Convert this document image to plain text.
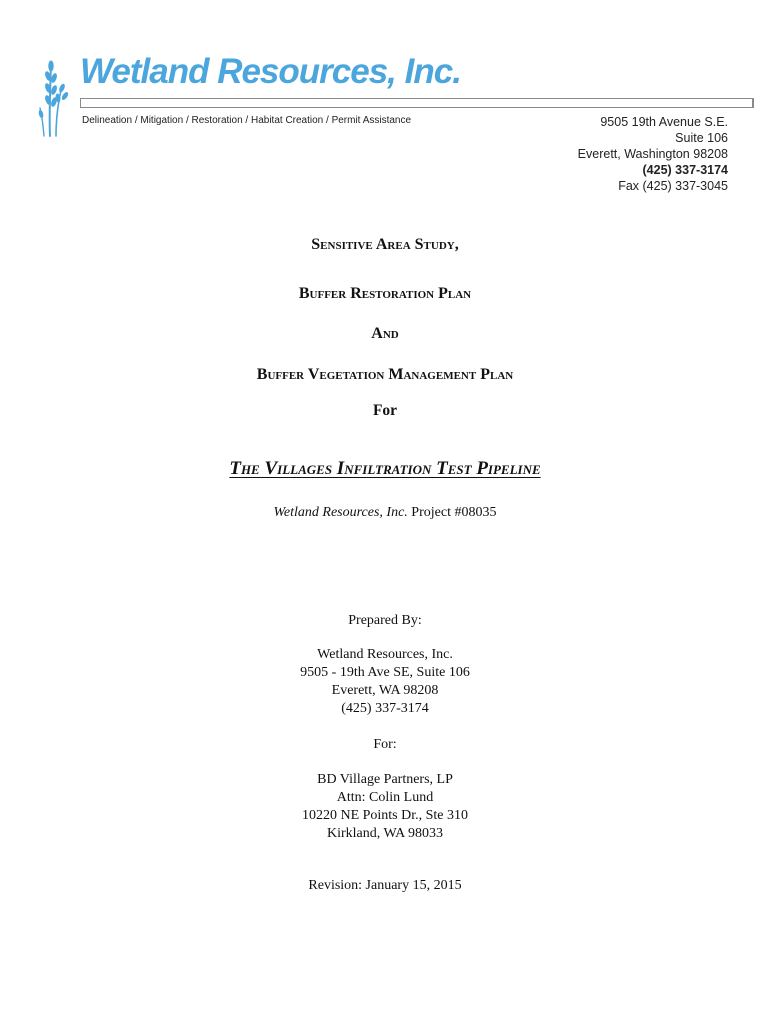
Wetland Resources, Inc.
Delineation / Mitigation / Restoration / Habitat Creation / Permit Assistance	9505 19th Avenue S.E.
Suite 106
Everett, Washington 98208
(425) 337-3174
Fax (425) 337-3045
Sensitive Area Study,
Buffer Restoration Plan
And
Buffer Vegetation Management Plan
For
The Villages Infiltration Test Pipeline
Wetland Resources, Inc. Project #08035
Prepared By:
Wetland Resources, Inc.
9505 - 19th Ave SE, Suite 106
Everett, WA 98208
(425) 337-3174
For:
BD Village Partners, LP
Attn: Colin Lund
10220 NE Points Dr., Ste 310
Kirkland, WA 98033
Revision: January 15, 2015
